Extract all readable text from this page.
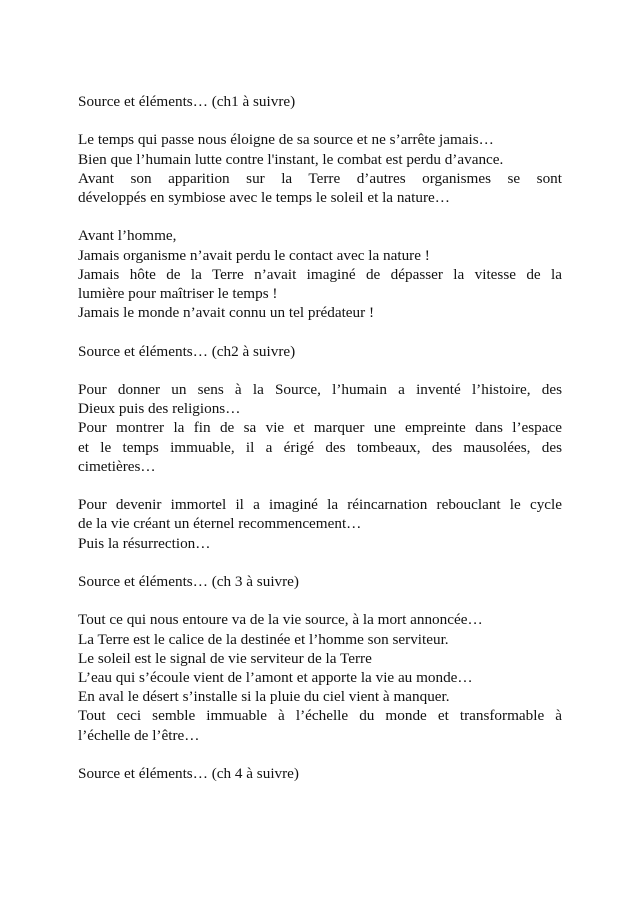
Source et éléments… (ch1 à suivre)

Le temps qui passe nous éloigne de sa source et ne s’arrête jamais…
Bien que l’humain lutte contre l'instant, le combat est perdu d’avance.
Avant son apparition sur la Terre d’autres organismes se sont
développés en symbiose avec le temps le soleil et la nature…

Avant l’homme,
Jamais organisme n’avait perdu le contact avec la nature !
Jamais hôte de la Terre n’avait imaginé de dépasser la vitesse de la
lumière pour maîtriser le temps !
Jamais le monde n’avait connu un tel prédateur !

Source et éléments… (ch2 à suivre)

Pour donner un sens à la Source, l’humain a inventé l’histoire, des
Dieux puis des religions…
Pour montrer la fin de sa vie et marquer une empreinte dans l’espace
et le temps immuable, il a érigé des tombeaux, des mausolées, des
cimetières…

Pour devenir immortel il a imaginé la réincarnation rebouclant le cycle
de la vie créant un éternel recommencement…
Puis la résurrection…

Source et éléments… (ch 3 à suivre)

Tout ce qui nous entoure va de la vie source, à la mort annoncée…
La Terre est le calice de la destinée et l’homme son serviteur.
Le soleil est le signal de vie serviteur de la Terre
L’eau qui s’écoule vient de l’amont et apporte la vie au monde…
En aval le désert s’installe si la pluie du ciel vient à manquer.
Tout ceci semble immuable à l’échelle du monde et transformable à
l’échelle de l’être…

Source et éléments… (ch 4 à suivre)
